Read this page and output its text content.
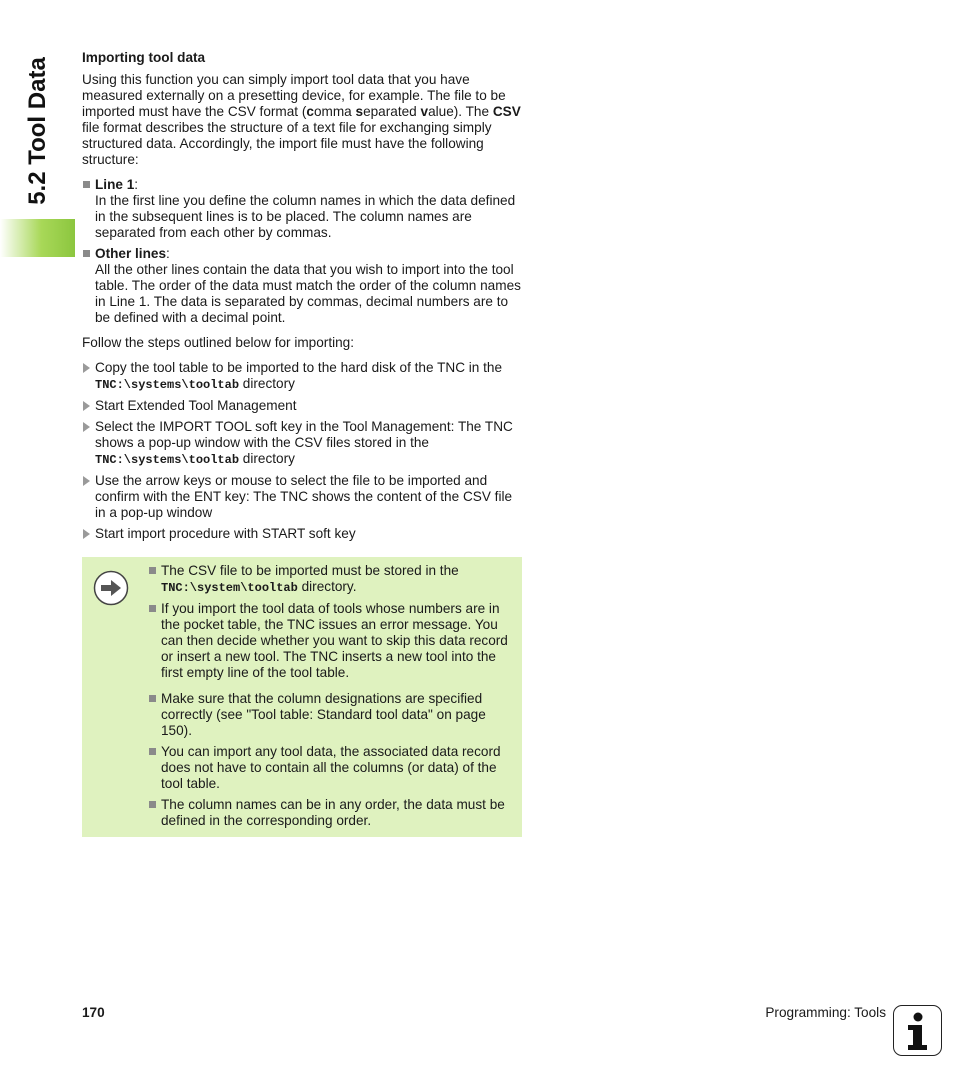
5.2 Tool Data Importing tool data

Using this function you can simply import tool data that you have measured externally on a presetting device, for example. The file to be imported must have the CSV format (comma separated value). The CSV file format describes the structure of a text file for exchanging simply structured data. Accordingly, the import file must have the following structure:

Line 1:
In the first line you define the column names in which the data defined in the subsequent lines is to be placed. The column names are separated from each other by commas.
Other lines:
All the other lines contain the data that you wish to import into the tool table. The order of the data must match the order of the column names in Line 1. The data is separated by commas, decimal numbers are to be defined with a decimal point.

Follow the steps outlined below for importing:

Copy the tool table to be imported to the hard disk of the TNC in the TNC:\systems\tooltab directory
Start Extended Tool Management
Select the IMPORT TOOL soft key in the Tool Management: The TNC shows a pop-up window with the CSV files stored in the TNC:\systems\tooltab directory
Use the arrow keys or mouse to select the file to be imported and confirm with the ENT key: The TNC shows the content of the CSV file in a pop-up window
Start import procedure with START soft key
The CSV file to be imported must be stored in the TNC:\system\tooltab directory.
If you import the tool data of tools whose numbers are in the pocket table, the TNC issues an error message. You can then decide whether you want to skip this data record or insert a new tool. The TNC inserts a new tool into the first empty line of the tool table.
Make sure that the column designations are specified correctly (see "Tool table: Standard tool data" on page 150).
You can import any tool data, the associated data record does not have to contain all the columns (or data) of the tool table.
The column names can be in any order, the data must be defined in the corresponding order.
170	Programming: Tools
